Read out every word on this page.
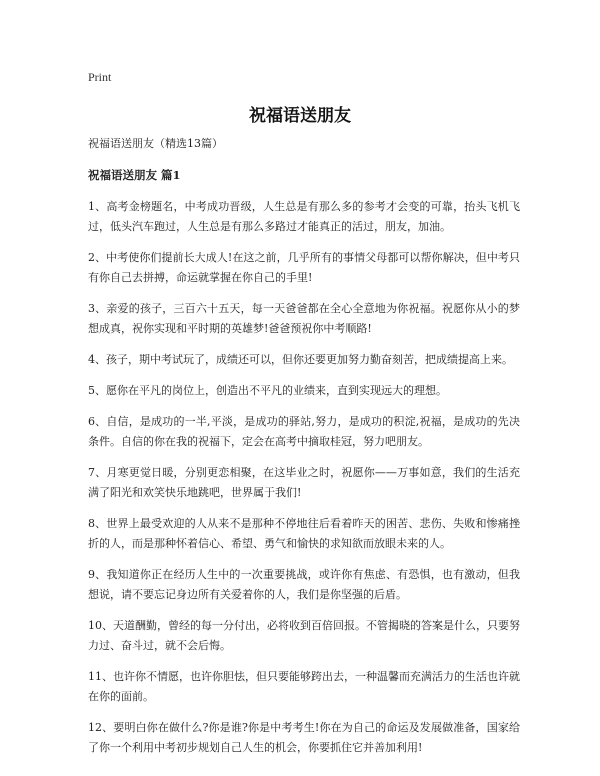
Print
祝福语送朋友

祝福语送朋友（精选13篇）

祝福语送朋友 篇1

1、高考金榜题名，中考成功晋级，人生总是有那么多的参考才会变的可靠，抬头飞机飞过，低头汽车跑过，人生总是有那么多路过才能真正的活过，朋友，加油。

2、中考使你们提前长大成人!在这之前，几乎所有的事情父母都可以帮你解决，但中考只有你自己去拼搏，命运就掌握在你自己的手里!

3、亲爱的孩子，三百六十五天，每一天爸爸都在全心全意地为你祝福。祝愿你从小的梦想成真，祝你实现和平时期的英雄梦!爸爸预祝你中考顺路!

4、孩子，期中考试玩了，成绩还可以，但你还要更加努力勤奋刻苦，把成绩提高上来。

5、愿你在平凡的岗位上，创造出不平凡的业绩来，直到实现远大的理想。

6、自信，是成功的一半,平淡，是成功的驿站,努力，是成功的积淀,祝福，是成功的先决条件。自信的你在我的祝福下，定会在高考中摘取桂冠，努力吧朋友。

7、月寒更觉日暖，分别更恋相聚，在这毕业之时，祝愿你——万事如意，我们的生活充满了阳光和欢笑快乐地跳吧，世界属于我们!

8、世界上最受欢迎的人从来不是那种不停地往后看着昨天的困苦、悲伤、失败和惨痛挫折的人，而是那种怀着信心、希望、勇气和愉快的求知欲而放眼未来的人。

9、我知道你正在经历人生中的一次重要挑战，或许你有焦虑、有恐惧，也有激动，但我想说，请不要忘记身边所有关爱着你的人，我们是你坚强的后盾。

10、天道酬勤，曾经的每一分付出，必将收到百倍回报。不管揭晓的答案是什么，只要努力过、奋斗过，就不会后悔。

11、也许你不情愿，也许你胆怯，但只要能够跨出去，一种温馨而充满活力的生活也许就在你的面前。

12、要明白你在做什么?你是谁?你是中考考生!你在为自己的命运及发展做准备，国家给了你一个利用中考初步规划自己人生的机会，你要抓住它并善加利用!
